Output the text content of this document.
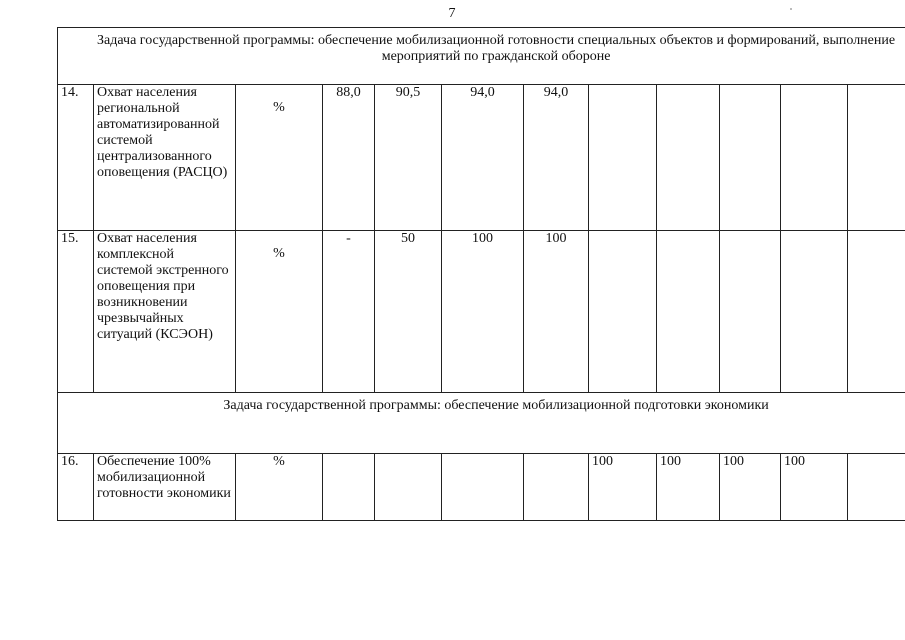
7
Задача государственной программы: обеспечение мобилизационной готовности специальных объектов и формирований, выполнение мероприятий по гражданской обороне											
14.	Охват населения региональной автоматизированной системой централизованного оповещения (РАСЦО)	%	88,0	90,5	94,0	94,0					
15.	Охват населения комплексной системой экстренного оповещения при возникновении чрезвычайных ситуаций (КСЭОН)	%	-	50	100	100					
Задача государственной программы: обеспечение мобилизационной подготовки экономики											
16.	Обеспечение 100% мобилизационной готовности экономики	%					100	100	100	100	
